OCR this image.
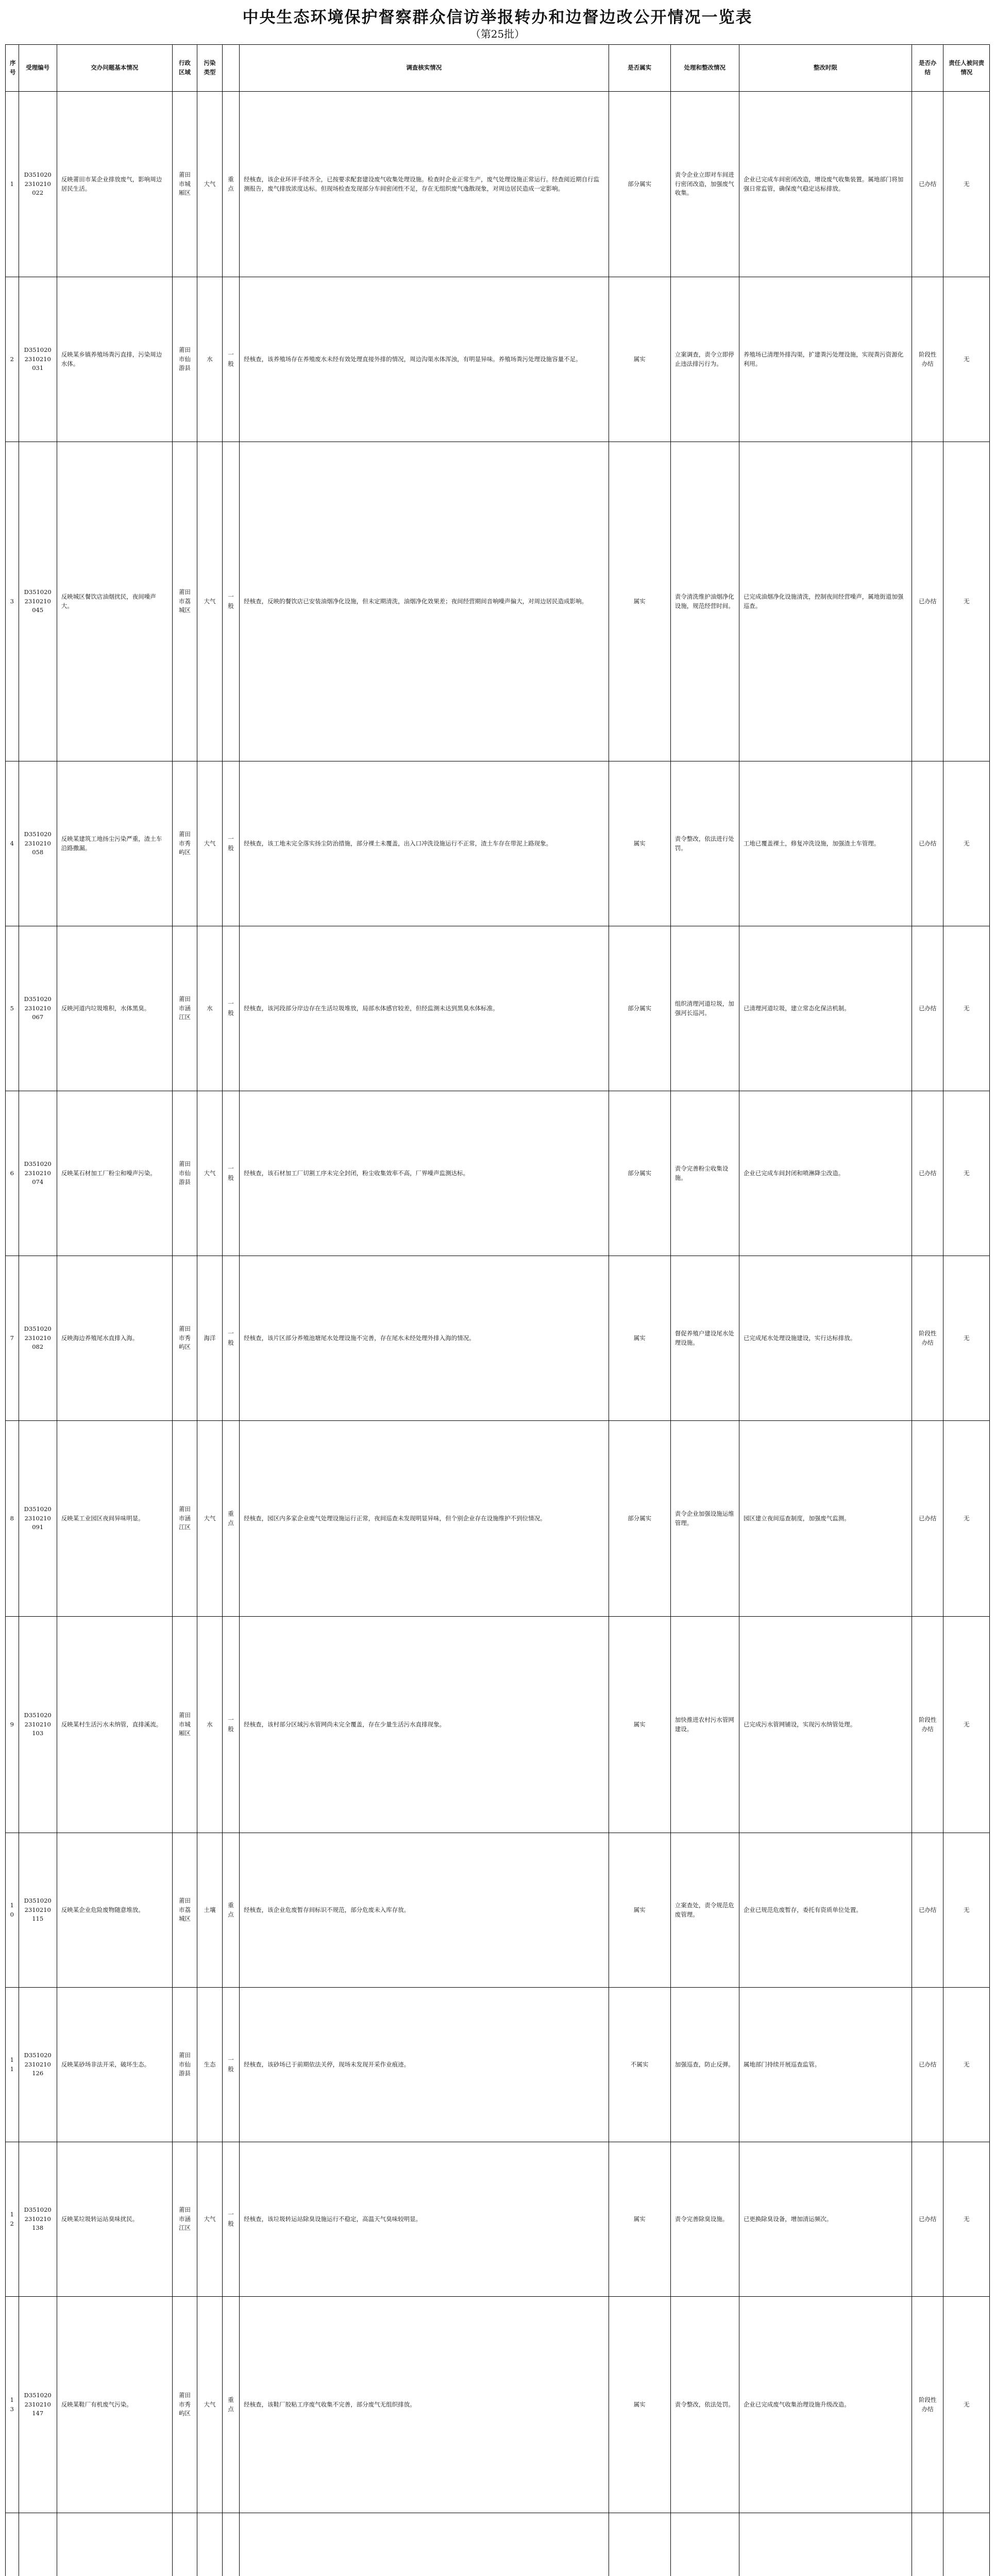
中央生态环境保护督察群众信访举报转办和边督边改公开情况一览表
（第25批）
序号	受理编号	交办问题基本情况	行政区域	污染类型		调查核实情况	是否属实	处理和整改情况	整改时限	是否办结	责任人被问责情况
1	D3510202310210022	反映莆田市某企业排放废气，影响周边居民生活。	莆田市城厢区	大气	重点	经核查，该企业环评手续齐全，已按要求配套建设废气收集处理设施。检查时企业正常生产，废气处理设施正常运行。经查阅近期自行监测报告，废气排放浓度达标。但现场检查发现部分车间密闭性不足，存在无组织废气逸散现象，对周边居民造成一定影响。	部分属实	责令企业立即对车间进行密闭改造，加强废气收集。	企业已完成车间密闭改造，增设废气收集装置。属地部门将加强日常监管，确保废气稳定达标排放。	已办结	无
2	D3510202310210031	反映某乡镇养殖场粪污直排，污染周边水体。	莆田市仙游县	水	一般	经核查，该养殖场存在养殖废水未经有效处理直接外排的情况，周边沟渠水体浑浊，有明显异味。养殖场粪污处理设施容量不足。	属实	立案调查，责令立即停止违法排污行为。	养殖场已清理外排沟渠，扩建粪污处理设施，实现粪污资源化利用。	阶段性办结	无
3	D3510202310210045	反映城区餐饮店油烟扰民，夜间噪声大。	莆田市荔城区	大气	一般	经核查，反映的餐饮店已安装油烟净化设施，但未定期清洗，油烟净化效果差；夜间经营期间音响噪声偏大，对周边居民造成影响。	属实	责令清洗维护油烟净化设施，规范经营时间。	已完成油烟净化设施清洗，控制夜间经营噪声，属地街道加强巡查。	已办结	无
4	D3510202310210058	反映某建筑工地扬尘污染严重，渣土车沿路撒漏。	莆田市秀屿区	大气	一般	经核查，该工地未完全落实扬尘防治措施，部分裸土未覆盖，出入口冲洗设施运行不正常，渣土车存在带泥上路现象。	属实	责令整改，依法进行处罚。	工地已覆盖裸土，修复冲洗设施，加强渣土车管理。	已办结	无
5	D3510202310210067	反映河道内垃圾堆积，水体黑臭。	莆田市涵江区	水	一般	经核查，该河段部分岸边存在生活垃圾堆放，局部水体感官较差，但经监测未达到黑臭水体标准。	部分属实	组织清理河道垃圾，加强河长巡河。	已清理河道垃圾，建立常态化保洁机制。	已办结	无
6	D3510202310210074	反映某石材加工厂粉尘和噪声污染。	莆田市仙游县	大气	一般	经核查，该石材加工厂切割工序未完全封闭，粉尘收集效率不高，厂界噪声监测达标。	部分属实	责令完善粉尘收集设施。	企业已完成车间封闭和喷淋降尘改造。	已办结	无
7	D3510202310210082	反映海边养殖尾水直排入海。	莆田市秀屿区	海洋	一般	经核查，该片区部分养殖池塘尾水处理设施不完善，存在尾水未经处理外排入海的情况。	属实	督促养殖户建设尾水处理设施。	已完成尾水处理设施建设，实行达标排放。	阶段性办结	无
8	D3510202310210091	反映某工业园区夜间异味明显。	莆田市涵江区	大气	重点	经核查，园区内多家企业废气处理设施运行正常，夜间巡查未发现明显异味，但个别企业存在设施维护不到位情况。	部分属实	责令企业加强设施运维管理。	园区建立夜间巡查制度，加强废气监测。	已办结	无
9	D3510202310210103	反映某村生活污水未纳管，直排溪流。	莆田市城厢区	水	一般	经核查，该村部分区域污水管网尚未完全覆盖，存在少量生活污水直排现象。	属实	加快推进农村污水管网建设。	已完成污水管网铺设，实现污水纳管处理。	阶段性办结	无
10	D3510202310210115	反映某企业危险废物随意堆放。	莆田市荔城区	土壤	重点	经核查，该企业危废暂存间标识不规范，部分危废未入库存放。	属实	立案查处，责令规范危废管理。	企业已规范危废暂存，委托有资质单位处置。	已办结	无
11	D3510202310210126	反映某砂场非法开采，破坏生态。	莆田市仙游县	生态	一般	经核查，该砂场已于前期依法关停，现场未发现开采作业痕迹。	不属实	加强巡查，防止反弹。	属地部门持续开展巡查监管。	已办结	无
12	D3510202310210138	反映某垃圾转运站臭味扰民。	莆田市涵江区	大气	一般	经核查，该垃圾转运站除臭设施运行不稳定，高温天气臭味较明显。	属实	责令完善除臭设施。	已更换除臭设备，增加清运频次。	已办结	无
13	D3510202310210147	反映某鞋厂有机废气污染。	莆田市秀屿区	大气	重点	经核查，该鞋厂胶粘工序废气收集不完善，部分废气无组织排放。	属实	责令整改，依法处罚。	企业已完成废气收集治理设施升级改造。	阶段性办结	无
